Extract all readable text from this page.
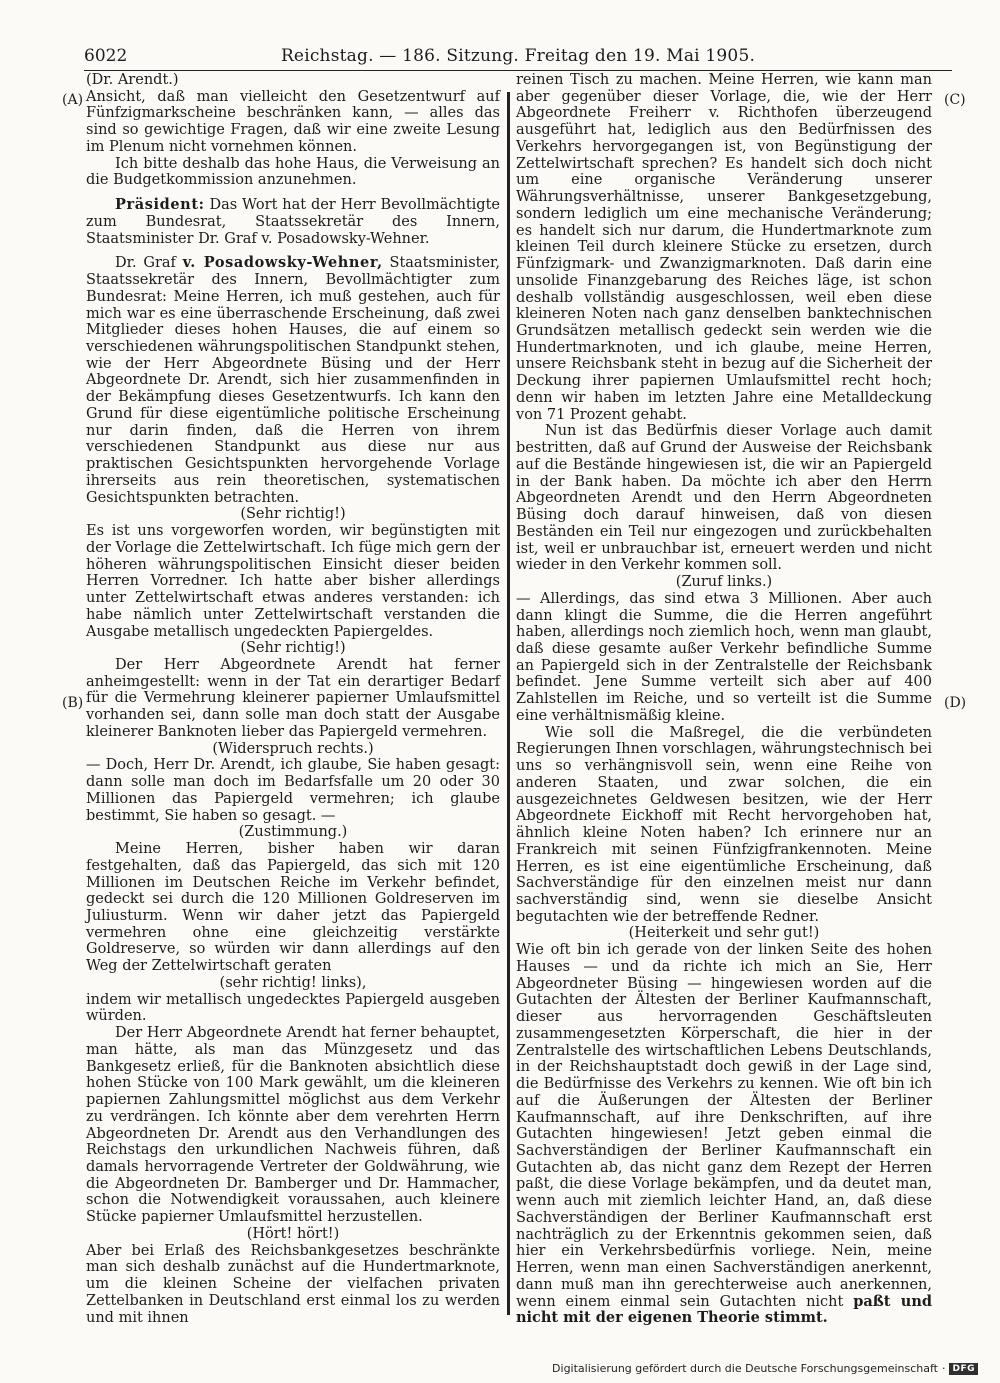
6022	Reichstag. — 186. Sitzung. Freitag den 19. Mai 1905.
(A)
(B)
(C)
(D)

(Dr. Arendt.)

Ansicht, daß man vielleicht den Gesetzentwurf auf Fünfzigmarkscheine beschränken kann, — alles das sind so gewichtige Fragen, daß wir eine zweite Lesung im Plenum nicht vornehmen können.

Ich bitte deshalb das hohe Haus, die Verweisung an die Budgetkommission anzunehmen.

Präsident: Das Wort hat der Herr Bevollmächtigte zum Bundesrat, Staatssekretär des Innern, Staatsminister Dr. Graf v. Posadowsky-Wehner.

Dr. Graf v. Posadowsky-Wehner, Staatsminister, Staatssekretär des Innern, Bevollmächtigter zum Bundesrat: Meine Herren, ich muß gestehen, auch für mich war es eine überraschende Erscheinung, daß zwei Mitglieder dieses hohen Hauses, die auf einem so verschiedenen währungspolitischen Standpunkt stehen, wie der Herr Abgeordnete Büsing und der Herr Abgeordnete Dr. Arendt, sich hier zusammenfinden in der Bekämpfung dieses Gesetzentwurfs. Ich kann den Grund für diese eigentümliche politische Erscheinung nur darin finden, daß die Herren von ihrem verschiedenen Standpunkt aus diese nur aus praktischen Gesichtspunkten hervorgehende Vorlage ihrerseits aus rein theoretischen, systematischen Gesichtspunkten betrachten.

(Sehr richtig!)

Es ist uns vorgeworfen worden, wir begünstigten mit der Vorlage die Zettelwirtschaft. Ich füge mich gern der höheren währungspolitischen Einsicht dieser beiden Herren Vorredner. Ich hatte aber bisher allerdings unter Zettelwirtschaft etwas anderes verstanden: ich habe nämlich unter Zettelwirtschaft verstanden die Ausgabe metallisch ungedeckten Papiergeldes.

(Sehr richtig!)

Der Herr Abgeordnete Arendt hat ferner anheimgestellt: wenn in der Tat ein derartiger Bedarf für die Vermehrung kleinerer papierner Umlaufsmittel vorhanden sei, dann solle man doch statt der Ausgabe kleinerer Banknoten lieber das Papiergeld vermehren.

(Widerspruch rechts.)

— Doch, Herr Dr. Arendt, ich glaube, Sie haben gesagt: dann solle man doch im Bedarfsfalle um 20 oder 30 Millionen das Papiergeld vermehren; ich glaube bestimmt, Sie haben so gesagt. —

(Zustimmung.)

Meine Herren, bisher haben wir daran festgehalten, daß das Papiergeld, das sich mit 120 Millionen im Deutschen Reiche im Verkehr befindet, gedeckt sei durch die 120 Millionen Goldreserven im Juliusturm. Wenn wir daher jetzt das Papiergeld vermehren ohne eine gleichzeitig verstärkte Goldreserve, so würden wir dann allerdings auf den Weg der Zettelwirtschaft geraten

(sehr richtig! links),

indem wir metallisch ungedecktes Papiergeld ausgeben würden.

Der Herr Abgeordnete Arendt hat ferner behauptet, man hätte, als man das Münzgesetz und das Bankgesetz erließ, für die Banknoten absichtlich diese hohen Stücke von 100 Mark gewählt, um die kleineren papiernen Zahlungsmittel möglichst aus dem Verkehr zu verdrängen. Ich könnte aber dem verehrten Herrn Abgeordneten Dr. Arendt aus den Verhandlungen des Reichstags den urkundlichen Nachweis führen, daß damals hervorragende Vertreter der Goldwährung, wie die Abgeordneten Dr. Bamberger und Dr. Hammacher, schon die Notwendigkeit voraussahen, auch kleinere Stücke papierner Umlaufsmittel herzustellen.

(Hört! hört!)

Aber bei Erlaß des Reichsbankgesetzes beschränkte man sich deshalb zunächst auf die Hundertmarknote, um die kleinen Scheine der vielfachen privaten Zettelbanken in Deutschland erst einmal los zu werden und mit ihnen

reinen Tisch zu machen. Meine Herren, wie kann man aber gegenüber dieser Vorlage, die, wie der Herr Abgeordnete Freiherr v. Richthofen überzeugend ausgeführt hat, lediglich aus den Bedürfnissen des Verkehrs hervorgegangen ist, von Begünstigung der Zettelwirtschaft sprechen? Es handelt sich doch nicht um eine organische Veränderung unserer Währungsverhältnisse, unserer Bankgesetzgebung, sondern lediglich um eine mechanische Veränderung; es handelt sich nur darum, die Hundertmarknote zum kleinen Teil durch kleinere Stücke zu ersetzen, durch Fünfzigmark- und Zwanzigmarknoten. Daß darin eine unsolide Finanzgebarung des Reiches läge, ist schon deshalb vollständig ausgeschlossen, weil eben diese kleineren Noten nach ganz denselben banktechnischen Grundsätzen metallisch gedeckt sein werden wie die Hundertmarknoten, und ich glaube, meine Herren, unsere Reichsbank steht in bezug auf die Sicherheit der Deckung ihrer papiernen Umlaufsmittel recht hoch; denn wir haben im letzten Jahre eine Metalldeckung von 71 Prozent gehabt.

Nun ist das Bedürfnis dieser Vorlage auch damit bestritten, daß auf Grund der Ausweise der Reichsbank auf die Bestände hingewiesen ist, die wir an Papiergeld in der Bank haben. Da möchte ich aber den Herrn Abgeordneten Arendt und den Herrn Abgeordneten Büsing doch darauf hinweisen, daß von diesen Beständen ein Teil nur eingezogen und zurückbehalten ist, weil er unbrauchbar ist, erneuert werden und nicht wieder in den Verkehr kommen soll.

(Zuruf links.)

— Allerdings, das sind etwa 3 Millionen. Aber auch dann klingt die Summe, die die Herren angeführt haben, allerdings noch ziemlich hoch, wenn man glaubt, daß diese gesamte außer Verkehr befindliche Summe an Papiergeld sich in der Zentralstelle der Reichsbank befindet. Jene Summe verteilt sich aber auf 400 Zahlstellen im Reiche, und so verteilt ist die Summe eine verhältnismäßig kleine.

Wie soll die Maßregel, die die verbündeten Regierungen Ihnen vorschlagen, währungstechnisch bei uns so verhängnisvoll sein, wenn eine Reihe von anderen Staaten, und zwar solchen, die ein ausgezeichnetes Geldwesen besitzen, wie der Herr Abgeordnete Eickhoff mit Recht hervorgehoben hat, ähnlich kleine Noten haben? Ich erinnere nur an Frankreich mit seinen Fünfzigfrankennoten. Meine Herren, es ist eine eigentümliche Erscheinung, daß Sachverständige für den einzelnen meist nur dann sachverständig sind, wenn sie dieselbe Ansicht begutachten wie der betreffende Redner.

(Heiterkeit und sehr gut!)

Wie oft bin ich gerade von der linken Seite des hohen Hauses — und da richte ich mich an Sie, Herr Abgeordneter Büsing — hingewiesen worden auf die Gutachten der Ältesten der Berliner Kaufmannschaft, dieser aus hervorragenden Geschäftsleuten zusammengesetzten Körperschaft, die hier in der Zentralstelle des wirtschaftlichen Lebens Deutschlands, in der Reichshauptstadt doch gewiß in der Lage sind, die Bedürfnisse des Verkehrs zu kennen. Wie oft bin ich auf die Äußerungen der Ältesten der Berliner Kaufmannschaft, auf ihre Denkschriften, auf ihre Gutachten hingewiesen! Jetzt geben einmal die Sachverständigen der Berliner Kaufmannschaft ein Gutachten ab, das nicht ganz dem Rezept der Herren paßt, die diese Vorlage bekämpfen, und da deutet man, wenn auch mit ziemlich leichter Hand, an, daß diese Sachverständigen der Berliner Kaufmannschaft erst nachträglich zu der Erkenntnis gekommen seien, daß hier ein Verkehrsbedürfnis vorliege. Nein, meine Herren, wenn man einen Sachverständigen anerkennt, dann muß man ihn gerechterweise auch anerkennen, wenn einem einmal sein Gutachten nicht paßt und nicht mit der eigenen Theorie stimmt.

Digitalisierung gefördert durch die Deutsche Forschungsgemeinschaft · DFG
